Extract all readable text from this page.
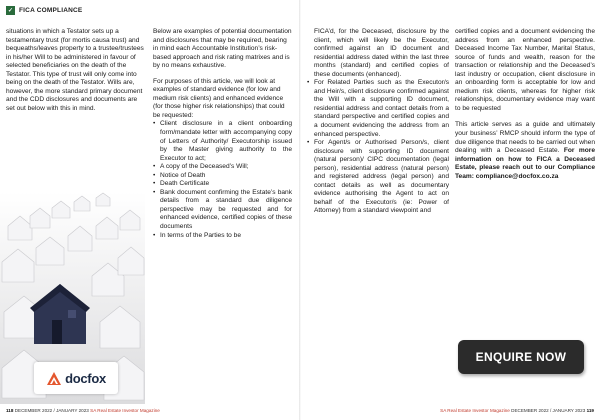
✓ FICA COMPLIANCE

situations in which a Testator sets up a testamentary trust (for mortis causa trust) and bequeaths/leaves property to a trustee/trustees in his/her Will to be administered in favour of selected beneficiaries on the death of the Testator. This type of trust will only come into being on the death of the Testator. Wills are, however, the more standard primary document and the CDD disclosures and documents are set out below with this in mind.

docfox

Below are examples of potential documentation and disclosures that may be required, bearing in mind each Accountable Institution’s risk-based approach and risk rating matrixes and is by no means exhaustive.

For purposes of this article, we will look at examples of standard evidence (for low and medium risk clients) and enhanced evidence (for those higher risk relationships) that could be requested:

• Client disclosure in a client onboarding form/mandate letter with accompanying copy of Letters of Authority/ Executorship issued by the Master giving authority to the Executor to act;
• A copy of the Deceased’s Will;
• Notice of Death
• Death Certificate
• Bank document confirming the Estate’s bank details from a standard due diligence perspective may be requested and for enhanced evidence, certified copies of these documents
• In terms of the Parties to be

FICA’d, for the Deceased, disclosure by the client, which will likely be the Executor, confirmed against an ID document and residential address dated within the last three months (standard) and certified copies of these documents (enhanced).

• For Related Parties such as the Executor/s and Heir/s, client disclosure confirmed against the Will with a supporting ID document, residential address and contact details from a standard perspective and certified copies and a document evidencing the address from an enhanced perspective.
• For Agent/s or Authorised Person/s, client disclosure with supporting ID document (natural person)/ CIPC documentation (legal person), residential address (natural person) and registered address (legal person) and contact details as well as documentary evidence authorising the Agent to act on behalf of the Executor/s (ie: Power of Attorney) from a standard viewpoint and

certified copies and a document evidencing the address from an enhanced perspective. Deceased Income Tax Number, Marital Status, source of funds and wealth, reason for the transaction or relationship and the Deceased’s last industry or occupation, client disclosure in an onboarding form is acceptable for low and medium risk clients, whereas for higher risk relationships, documentary evidence may want to be requested

This article serves as a guide and ultimately your business’ RMCP should inform the type of due diligence that needs to be carried out when dealing with a Deceased Estate. For more information on how to FICA a Deceased Estate, please reach out to our Compliance Team: compliance@docfox.co.za

ENQUIRE NOW
118 DECEMBER 2022 / JANUARY 2023 SA Real Estate Investor Magazine	SA Real Estate Investor Magazine DECEMBER 2022 / JANUARY 2023 119
